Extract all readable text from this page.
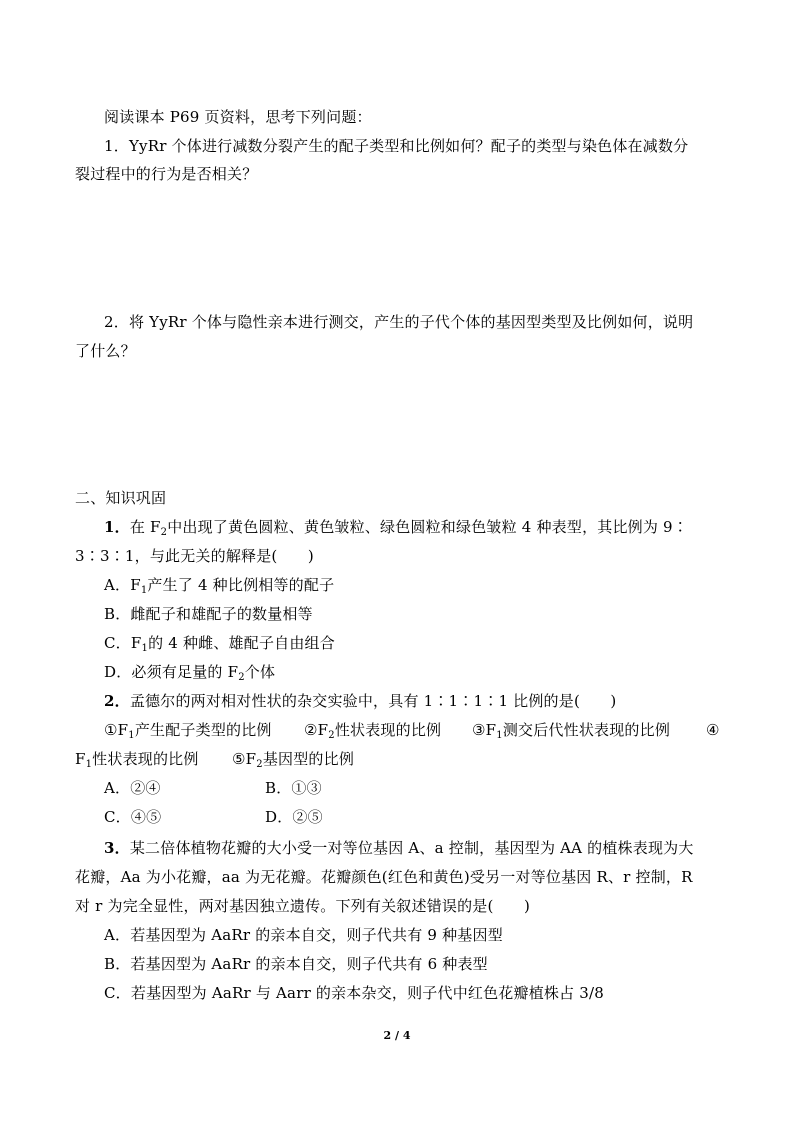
阅读课本 P69 页资料，思考下列问题：
1．YyRr 个体进行减数分裂产生的配子类型和比例如何？配子的类型与染色体在减数分
裂过程中的行为是否相关？
2．将 YyRr 个体与隐性亲本进行测交，产生的子代个体的基因型类型及比例如何，说明
了什么？
二、知识巩固
1．在 $F_2$中出现了黄色圆粒、黄色皱粒、绿色圆粒和绿色皱粒 4 种表型，其比例为 9∶
3∶3∶1，与此无关的解释是(　　)
A．$F_1$产生了 4 种比例相等的配子
B．雌配子和雄配子的数量相等
C．$F_1$的 4 种雌、雄配子自由组合
D．必须有足量的 $F_2$个体
2．孟德尔的两对相对性状的杂交实验中，具有 1∶1∶1∶1 比例的是(　　)
$①F_1$产生配子类型的比例 $②F_2$性状表现的比例 $③F_1$测交后代性状表现的比例 ④
$F_1$性状表现的比例 $⑤F_2$基因型的比例
A．②④	B．①③
C．④⑤	D．②⑤
3．某二倍体植物花瓣的大小受一对等位基因 A、a 控制，基因型为 AA 的植株表现为大
花瓣，Aa 为小花瓣，aa 为无花瓣。花瓣颜色(红色和黄色)受另一对等位基因 R、r 控制，R
对 r 为完全显性，两对基因独立遗传。下列有关叙述错误的是(　　)
A．若基因型为 AaRr 的亲本自交，则子代共有 9 种基因型
B．若基因型为 AaRr 的亲本自交，则子代共有 6 种表型
C．若基因型为 AaRr 与 Aarr 的亲本杂交，则子代中红色花瓣植株占 3/8
2 / 4
